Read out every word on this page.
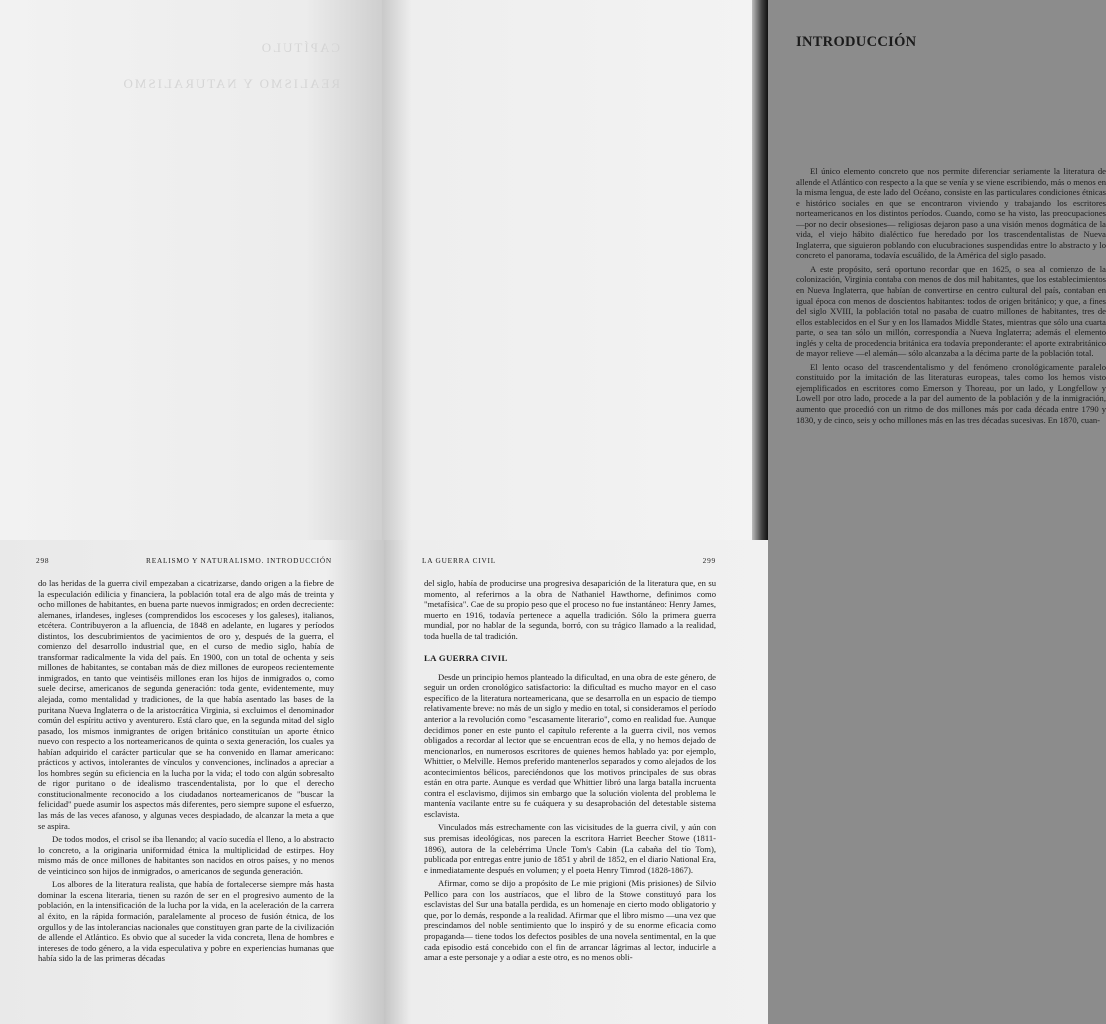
CAPÍTULO
REALISMO Y NATURALISMO
INTRODUCCIÓN

El único elemento concreto que nos permite diferenciar seriamente la literatura de allende el Atlántico con respecto a la que se venía y se viene escribiendo, más o menos en la misma lengua, de este lado del Océano, consiste en las particulares condiciones étnicas e histórico sociales en que se encontraron viviendo y trabajando los escritores norteamericanos en los distintos períodos. Cuando, como se ha visto, las preocupaciones —por no decir obsesiones— religiosas dejaron paso a una visión menos dogmática de la vida, el viejo hábito dialéctico fue heredado por los trascendentalistas de Nueva Inglaterra, que siguieron poblando con elucubraciones suspendidas entre lo abstracto y lo concreto el panorama, todavía escuálido, de la América del siglo pasado.

A este propósito, será oportuno recordar que en 1625, o sea al comienzo de la colonización, Virginia contaba con menos de dos mil habitantes, que los establecimientos en Nueva Inglaterra, que habían de convertirse en centro cultural del país, contaban en igual época con menos de doscientos habitantes: todos de origen británico; y que, a fines del siglo XVIII, la población total no pasaba de cuatro millones de habitantes, tres de ellos establecidos en el Sur y en los llamados Middle States, mientras que sólo una cuarta parte, o sea tan sólo un millón, correspondía a Nueva Inglaterra; además el elemento inglés y celta de procedencia británica era todavía preponderante: el aporte extrabritánico de mayor relieve —el alemán— sólo alcanzaba a la décima parte de la población total.

El lento ocaso del trascendentalismo y del fenómeno cronológicamente paralelo constituido por la imitación de las literaturas europeas, tales como los hemos visto ejemplificados en escritores como Emerson y Thoreau, por un lado, y Longfellow y Lowell por otro lado, procede a la par del aumento de la población y de la inmigración, aumento que procedió con un ritmo de dos millones más por cada década entre 1790 y 1830, y de cinco, seis y ocho millones más en las tres décadas sucesivas. En 1870, cuan-

298	REALISMO Y NATURALISMO. INTRODUCCIÓN

do las heridas de la guerra civil empezaban a cicatrizarse, dando origen a la fiebre de la especulación edilicia y financiera, la población total era de algo más de treinta y ocho millones de habitantes, en buena parte nuevos inmigrados; en orden decreciente: alemanes, irlandeses, ingleses (comprendidos los escoceses y los galeses), italianos, etcétera. Contribuyeron a la afluencia, de 1848 en adelante, en lugares y períodos distintos, los descubrimientos de yacimientos de oro y, después de la guerra, el comienzo del desarrollo industrial que, en el curso de medio siglo, había de transformar radicalmente la vida del país. En 1900, con un total de ochenta y seis millones de habitantes, se contaban más de diez millones de europeos recientemente inmigrados, en tanto que veintiséis millones eran los hijos de inmigrados o, como suele decirse, americanos de segunda generación: toda gente, evidentemente, muy alejada, como mentalidad y tradiciones, de la que había asentado las bases de la puritana Nueva Inglaterra o de la aristocrática Virginia, si excluimos el denominador común del espíritu activo y aventurero. Está claro que, en la segunda mitad del siglo pasado, los mismos inmigrantes de origen británico constituían un aporte étnico nuevo con respecto a los norteamericanos de quinta o sexta generación, los cuales ya habían adquirido el carácter particular que se ha convenido en llamar americano: prácticos y activos, intolerantes de vínculos y convenciones, inclinados a apreciar a los hombres según su eficiencia en la lucha por la vida; el todo con algún sobresalto de rigor puritano o de idealismo trascendentalista, por lo que el derecho constitucionalmente reconocido a los ciudadanos norteamericanos de "buscar la felicidad" puede asumir los aspectos más diferentes, pero siempre supone el esfuerzo, las más de las veces afanoso, y algunas veces despiadado, de alcanzar la meta a que se aspira.

De todos modos, el crisol se iba llenando; al vacío sucedía el lleno, a lo abstracto lo concreto, a la originaria uniformidad étnica la multiplicidad de estirpes. Hoy mismo más de once millones de habitantes son nacidos en otros países, y no menos de veinticinco son hijos de inmigrados, o americanos de segunda generación.

Los albores de la literatura realista, que había de fortalecerse siempre más hasta dominar la escena literaria, tienen su razón de ser en el progresivo aumento de la población, en la intensificación de la lucha por la vida, en la aceleración de la carrera al éxito, en la rápida formación, paralelamente al proceso de fusión étnica, de los orgullos y de las intolerancias nacionales que constituyen gran parte de la civilización de allende el Atlántico. Es obvio que al suceder la vida concreta, llena de hombres e intereses de todo género, a la vida especulativa y pobre en experiencias humanas que había sido la de las primeras décadas

LA GUERRA CIVIL	299

del siglo, había de producirse una progresiva desaparición de la literatura que, en su momento, al referirnos a la obra de Nathaniel Hawthorne, definimos como "metafísica". Cae de su propio peso que el proceso no fue instantáneo: Henry James, muerto en 1916, todavía pertenece a aquella tradición. Sólo la primera guerra mundial, por no hablar de la segunda, borró, con su trágico llamado a la realidad, toda huella de tal tradición.

LA GUERRA CIVIL

Desde un principio hemos planteado la dificultad, en una obra de este género, de seguir un orden cronológico satisfactorio: la dificultad es mucho mayor en el caso específico de la literatura norteamericana, que se desarrolla en un espacio de tiempo relativamente breve: no más de un siglo y medio en total, si consideramos el período anterior a la revolución como "escasamente literario", como en realidad fue. Aunque decidimos poner en este punto el capítulo referente a la guerra civil, nos vemos obligados a recordar al lector que se encuentran ecos de ella, y no hemos dejado de mencionarlos, en numerosos escritores de quienes hemos hablado ya: por ejemplo, Whittier, o Melville. Hemos preferido mantenerlos separados y como alejados de los acontecimientos bélicos, pareciéndonos que los motivos principales de sus obras están en otra parte. Aunque es verdad que Whittier libró una larga batalla incruenta contra el esclavismo, dijimos sin embargo que la solución violenta del problema le mantenía vacilante entre su fe cuáquera y su desaprobación del detestable sistema esclavista.

Vinculados más estrechamente con las vicisitudes de la guerra civil, y aún con sus premisas ideológicas, nos parecen la escritora Harriet Beecher Stowe (1811-1896), autora de la celebérrima Uncle Tom's Cabin (La cabaña del tío Tom), publicada por entregas entre junio de 1851 y abril de 1852, en el diario National Era, e inmediatamente después en volumen; y el poeta Henry Timrod (1828-1867).

Afirmar, como se dijo a propósito de Le mie prigioni (Mis prisiones) de Silvio Pellico para con los austríacos, que el libro de la Stowe constituyó para los esclavistas del Sur una batalla perdida, es un homenaje en cierto modo obligatorio y que, por lo demás, responde a la realidad. Afirmar que el libro mismo —una vez que prescindamos del noble sentimiento que lo inspiró y de su enorme eficacia como propaganda— tiene todos los defectos posibles de una novela sentimental, en la que cada episodio está concebido con el fin de arrancar lágrimas al lector, inducirle a amar a este personaje y a odiar a este otro, es no menos obli-
